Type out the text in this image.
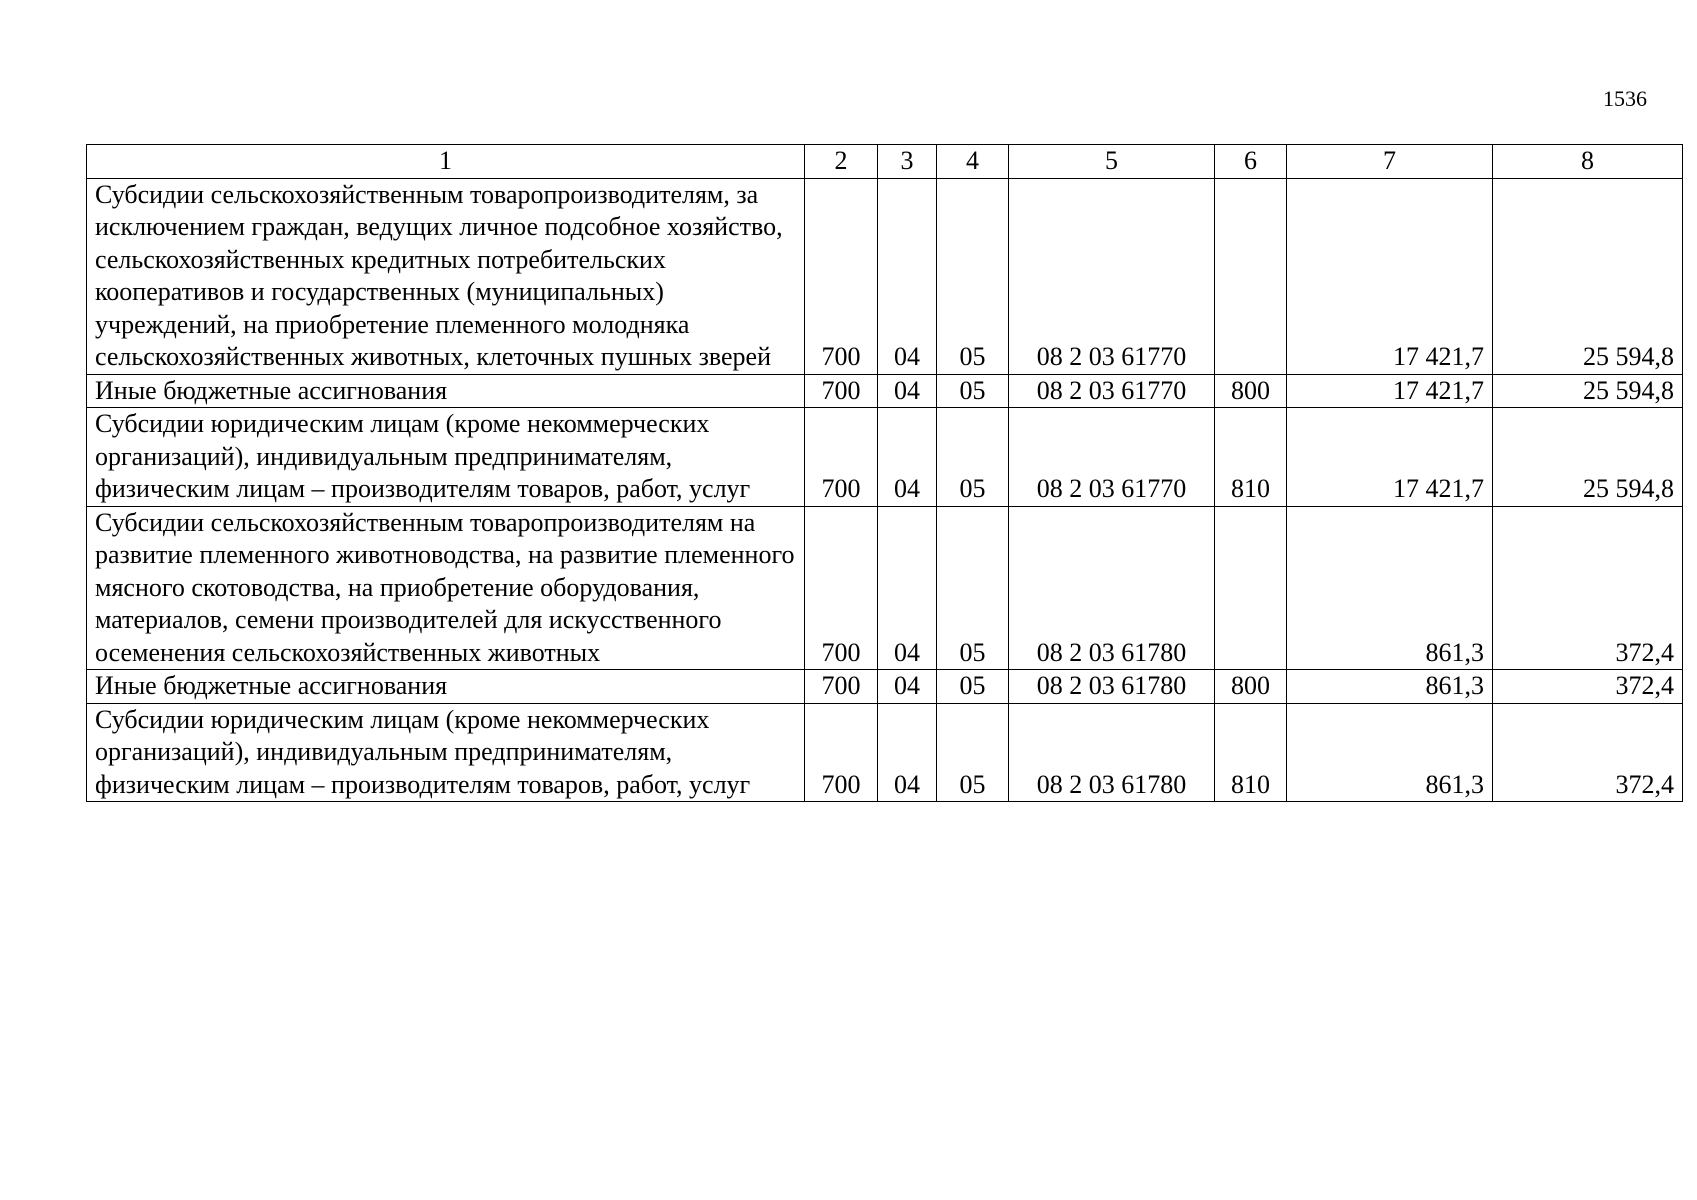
1536
1	2	3	4	5	6	7	8
Субсидии сельскохозяйственным товаропроизводителям, за исключением граждан, ведущих личное подсобное хозяйство, сельскохозяйственных кредитных потребительских кооперативов и государственных (муниципальных) учреждений, на приобретение племенного молодняка сельскохозяйственных животных, клеточных пушных зверей	700	04	05	08 2 03 61770		17 421,7	25 594,8
Иные бюджетные ассигнования	700	04	05	08 2 03 61770	800	17 421,7	25 594,8
Субсидии юридическим лицам (кроме некоммерческих организаций), индивидуальным предпринимателям, физическим лицам – производителям товаров, работ, услуг	700	04	05	08 2 03 61770	810	17 421,7	25 594,8
Субсидии сельскохозяйственным товаропроизводителям на развитие племенного животноводства, на развитие племенного мясного скотоводства, на приобретение оборудования, материалов, семени производителей для искусственного осеменения сельскохозяйственных животных	700	04	05	08 2 03 61780		861,3	372,4
Иные бюджетные ассигнования	700	04	05	08 2 03 61780	800	861,3	372,4
Субсидии юридическим лицам (кроме некоммерческих организаций), индивидуальным предпринимателям, физическим лицам – производителям товаров, работ, услуг	700	04	05	08 2 03 61780	810	861,3	372,4
